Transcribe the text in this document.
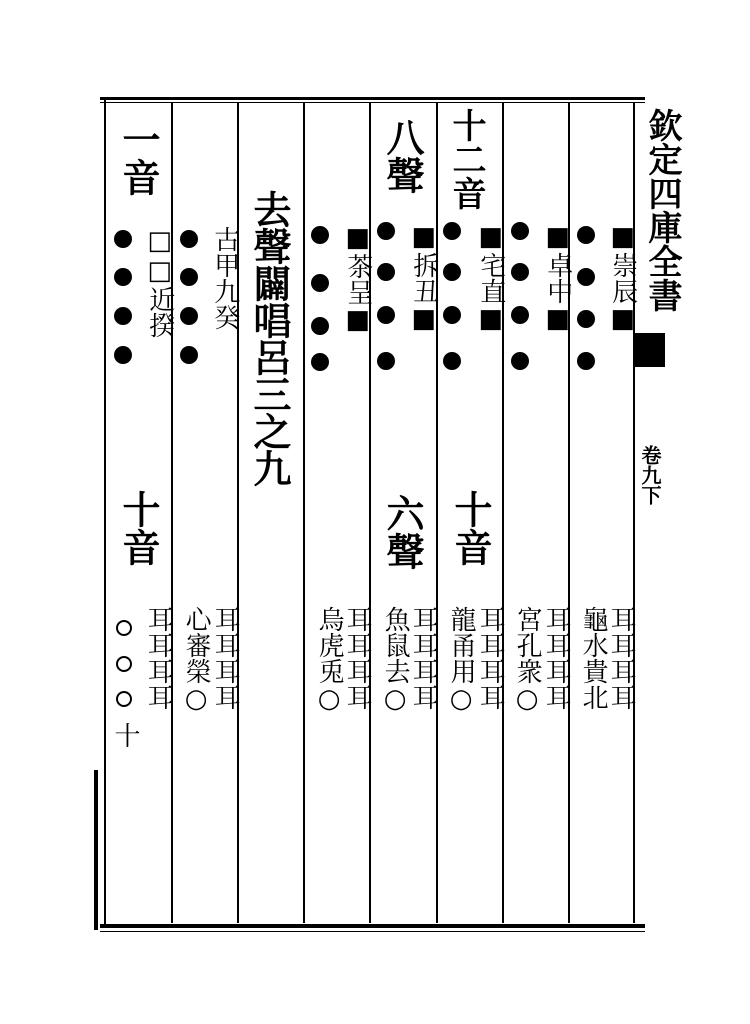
欽定四庫全書
卷九下
一音
□□近揆
十音
十
耳耳耳耳
古甲九癸
心審榮○
耳耳耳耳
去聲闢唱呂三之九 ■茶呈■
烏虎兎○
耳耳耳耳
八聲
■拆丑■
六聲
魚鼠去○
耳耳耳耳
十二音
■宅直■
十音
龍甬用○
耳耳耳耳
■卓中■
宮孔衆○
耳耳耳耳
■崇辰■
龜水貴北
耳耳耳耳
